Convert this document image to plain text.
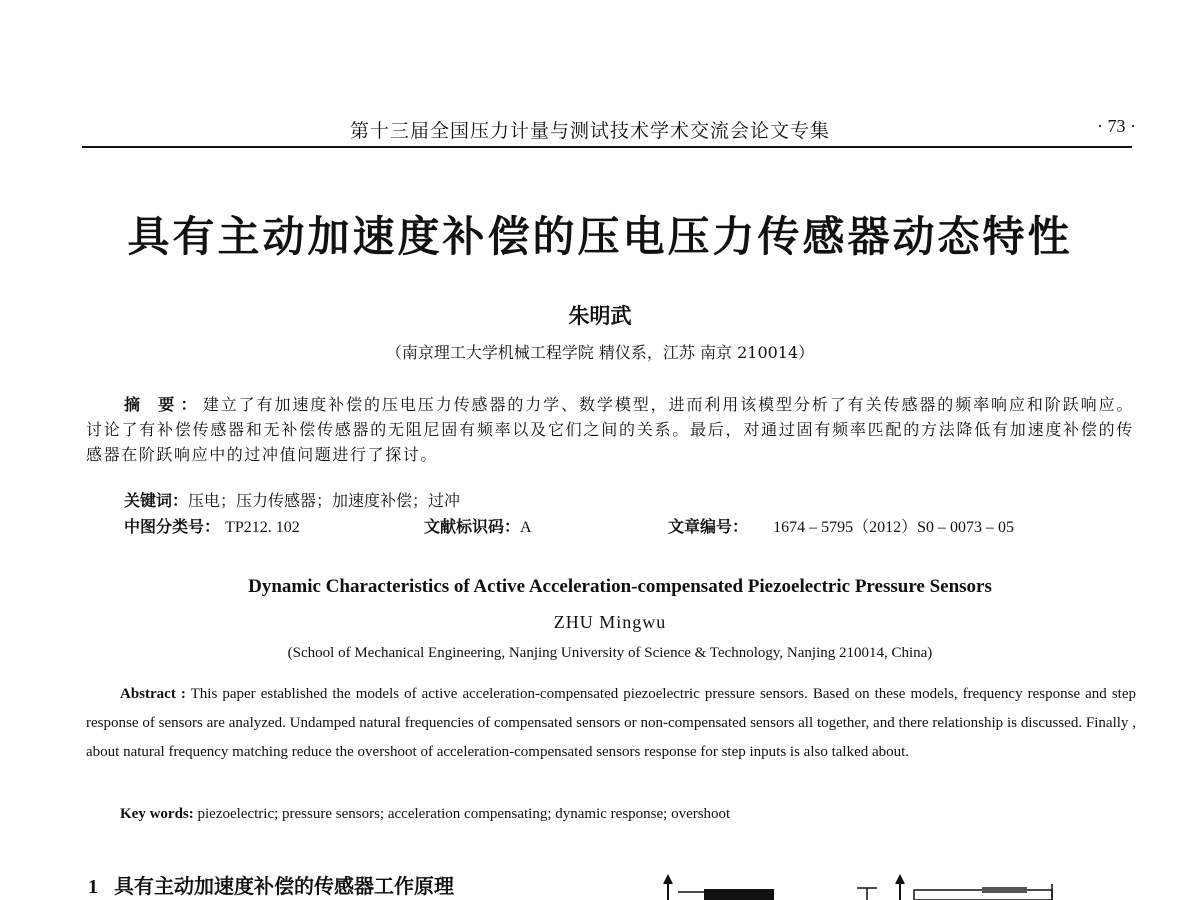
第十三届全国压力计量与测试技术学术交流会论文专集	· 73 ·
具有主动加速度补偿的压电压力传感器动态特性
朱明武
（南京理工大学机械工程学院 精仪系，江苏 南京 210014）
摘 要：建立了有加速度补偿的压电压力传感器的力学、数学模型，进而利用该模型分析了有关传感器的频率响应和阶跃响应。讨论了有补偿传感器和无补偿传感器的无阻尼固有频率以及它们之间的关系。最后，对通过固有频率匹配的方法降低有加速度补偿的传感器在阶跃响应中的过冲值问题进行了探讨。
关键词：压电；压力传感器；加速度补偿；过冲
中图分类号： TP212. 102	文献标识码：A	文章编号： 1674 – 5795（2012）S0 – 0073 – 05
Dynamic Characteristics of Active Acceleration-compensated Piezoelectric Pressure Sensors
ZHU Mingwu
(School of Mechanical Engineering, Nanjing University of Science & Technology, Nanjing 210014, China)
Abstract : This paper established the models of active acceleration-compensated piezoelectric pressure sensors. Based on these models, frequency response and step response of sensors are analyzed. Undamped natural frequencies of compensated sensors or non-compensated sensors all together, and there relationship is discussed. Finally , about natural frequency matching reduce the overshoot of acceleration-compensated sensors response for step inputs is also talked about.
Key words: piezoelectric; pressure sensors; acceleration compensating; dynamic response; overshoot
1 具有主动加速度补偿的传感器工作原理
